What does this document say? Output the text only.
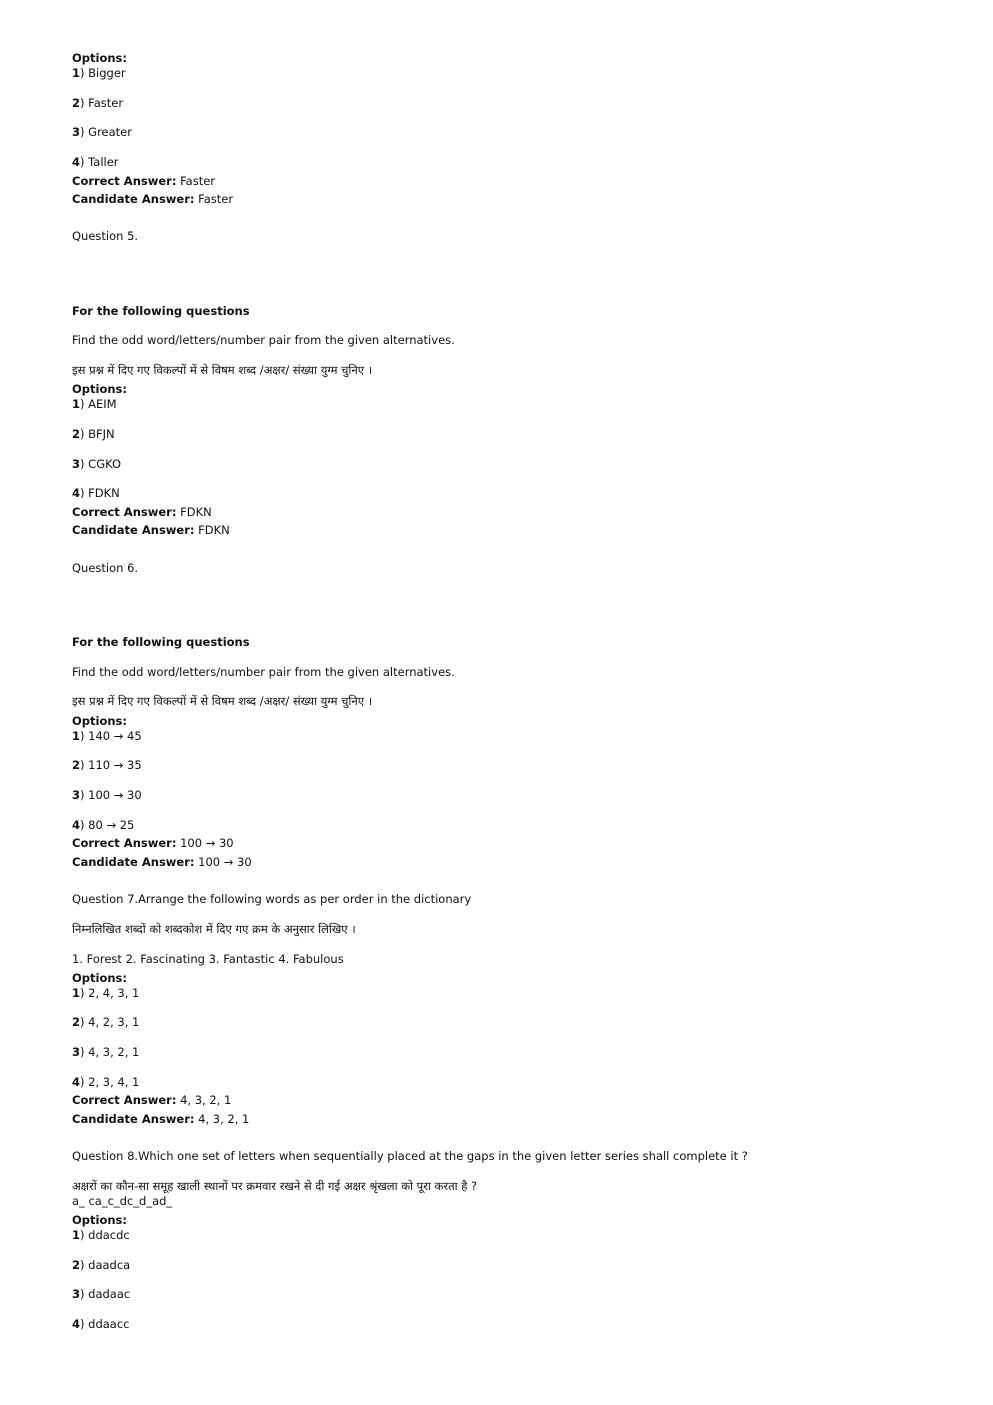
Options:
1) Bigger
2) Faster
3) Greater
4) Taller
Correct Answer: Faster
Candidate Answer: Faster
Question 5.
For the following questions
Find the odd word/letters/number pair from the given alternatives.
इस प्रश्न में दिए गए विकल्पों में से विषम शब्द /अक्षर/ संख्या युग्म चुनिए ।
Options:
1) AEIM
2) BFJN
3) CGKO
4) FDKN
Correct Answer: FDKN
Candidate Answer: FDKN
Question 6.
For the following questions
Find the odd word/letters/number pair from the given alternatives.
इस प्रश्न में दिए गए विकल्पों में से विषम शब्द /अक्षर/ संख्या युग्म चुनिए ।
Options:
1) 140 → 45
2) 110 → 35
3) 100 → 30
4) 80 → 25
Correct Answer: 100 → 30
Candidate Answer: 100 → 30
Question 7.Arrange the following words as per order in the dictionary
निम्नलिखित शब्दों को शब्दकोश में दिए गए क्रम के अनुसार लिखिए ।
1. Forest 2. Fascinating 3. Fantastic 4. Fabulous
Options:
1) 2, 4, 3, 1
2) 4, 2, 3, 1
3) 4, 3, 2, 1
4) 2, 3, 4, 1
Correct Answer: 4, 3, 2, 1
Candidate Answer: 4, 3, 2, 1
Question 8.Which one set of letters when sequentially placed at the gaps in the given letter series shall complete it ?
अक्षरों का कौन-सा समूह खाली स्थानों पर क्रमवार रखने से दी गई अक्षर श्रृंखला को पूरा करता है ?
a_ ca_c_dc_d_ad_
Options:
1) ddacdc
2) daadca
3) dadaac
4) ddaacc
